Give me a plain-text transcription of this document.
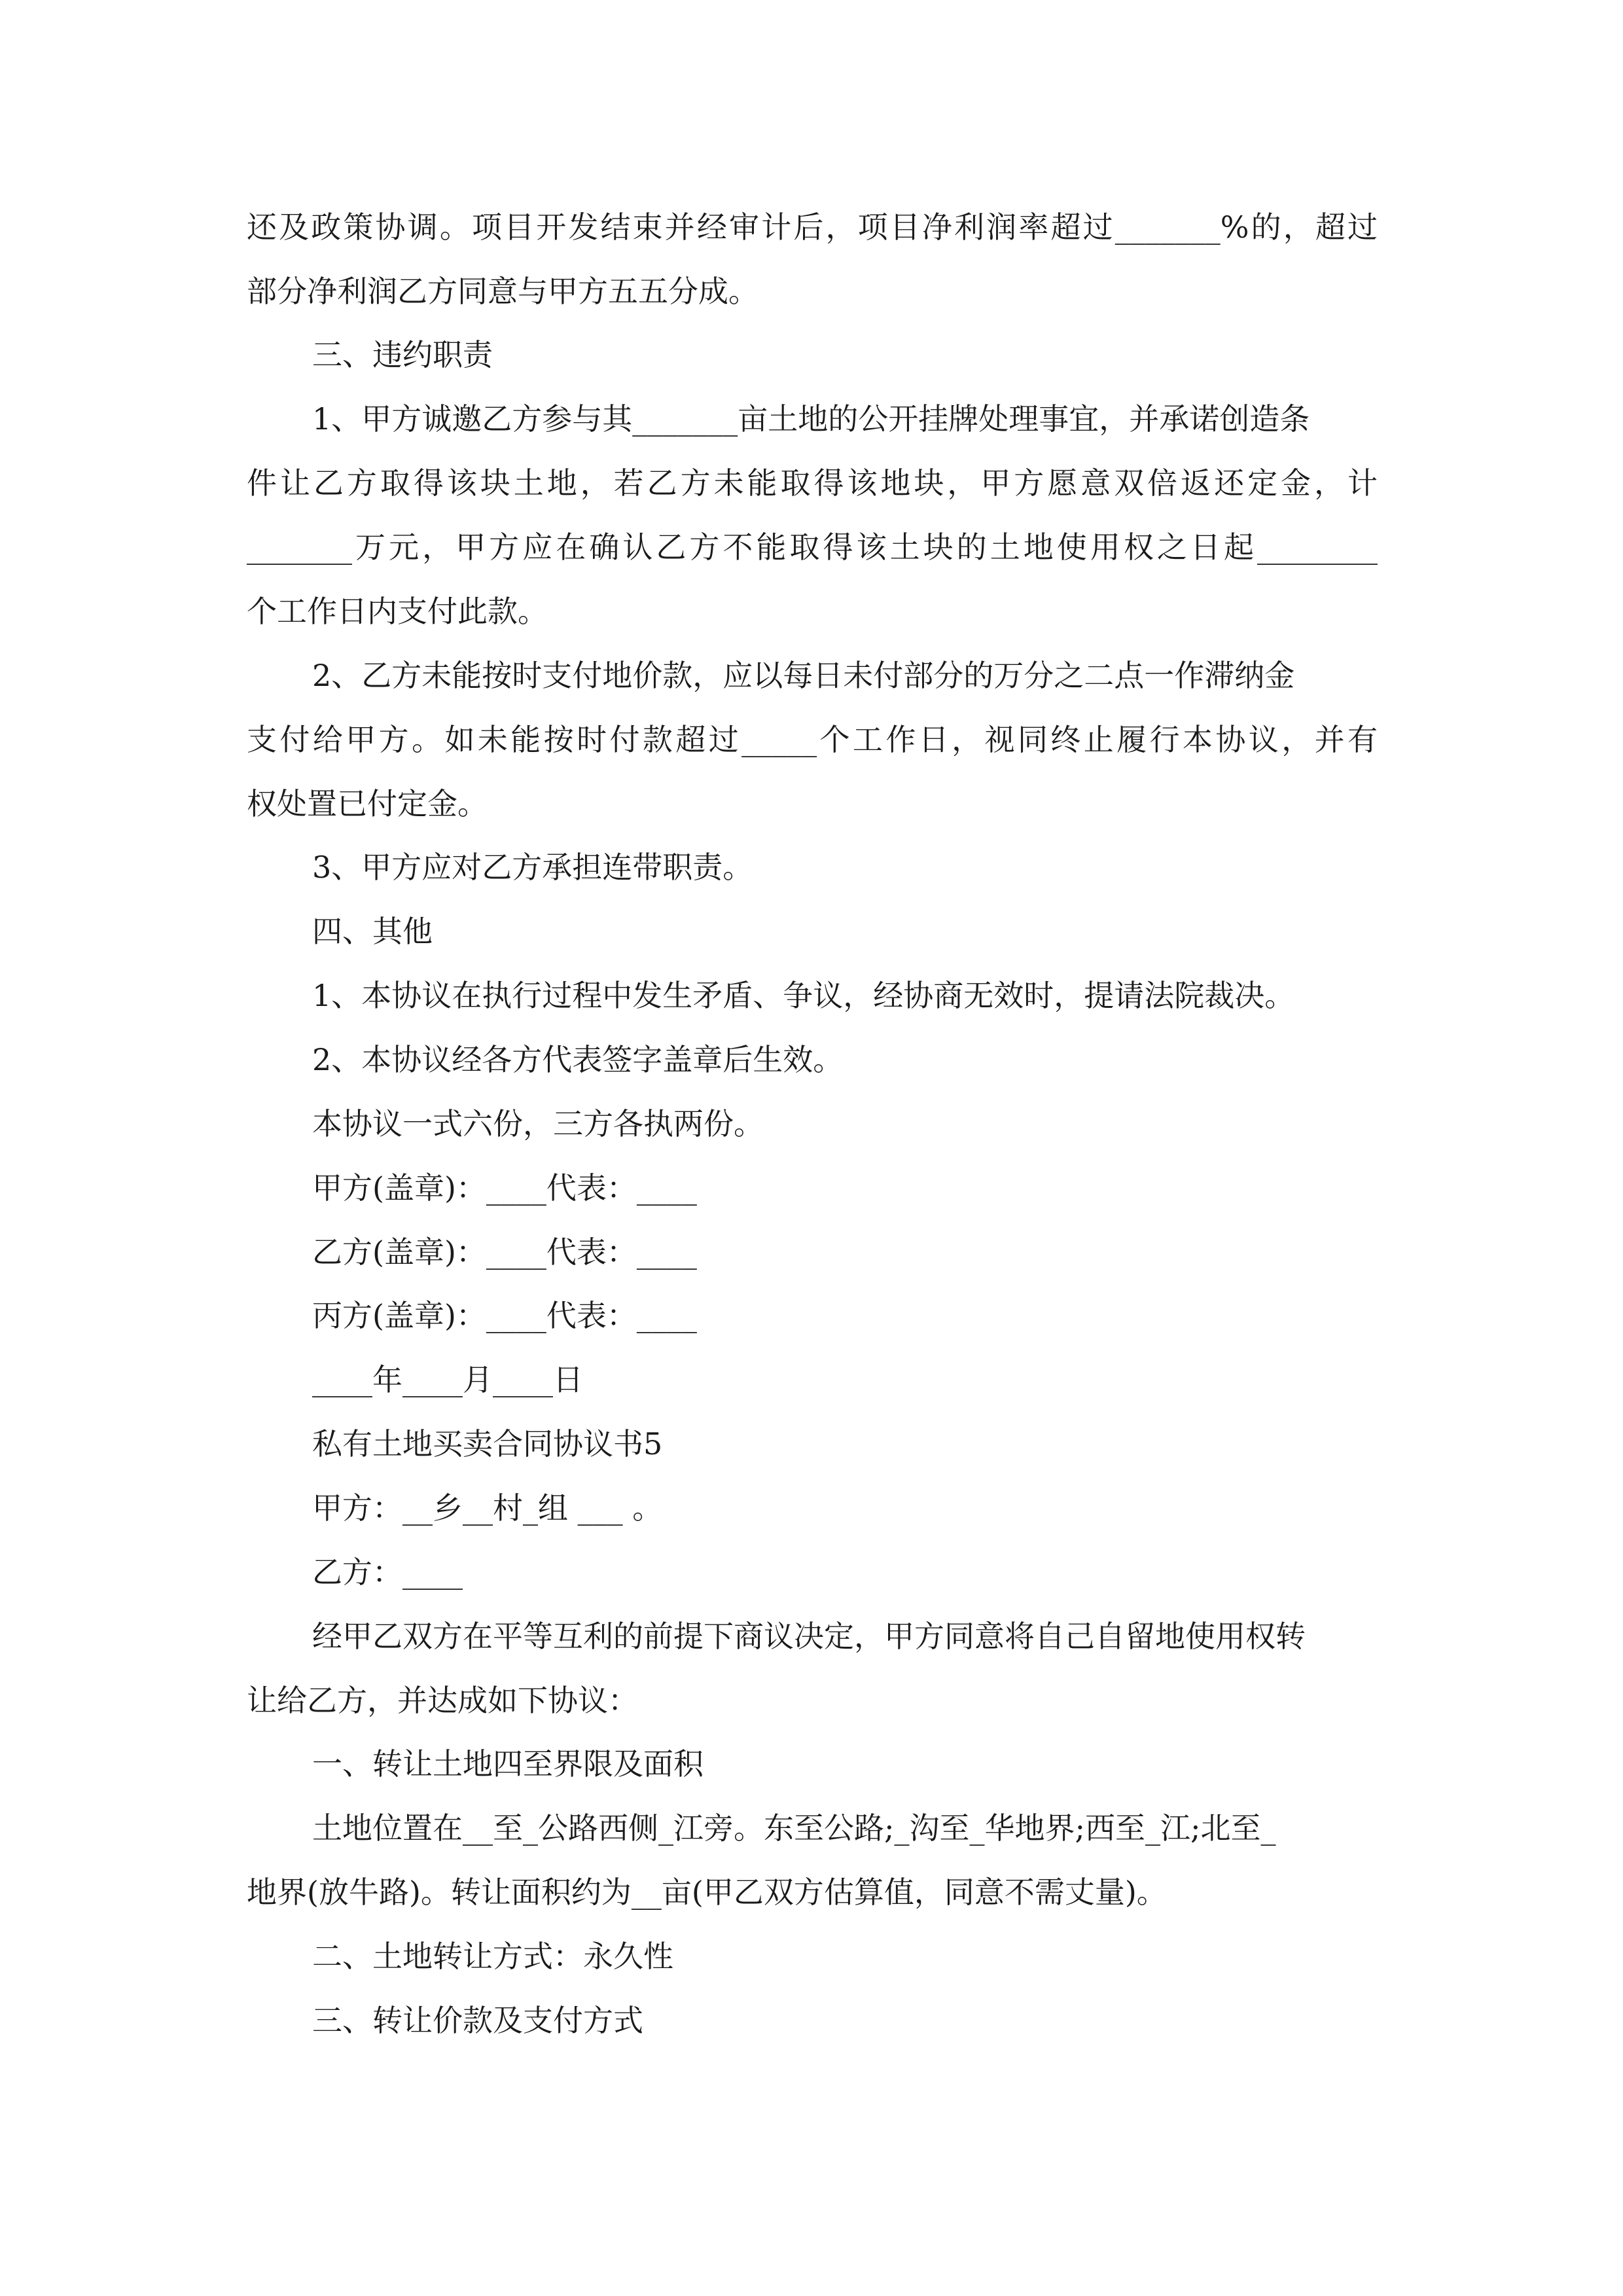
还及政策协调。项目开发结束并经审计后，项目净利润率超过_______%的，超过
部分净利润乙方同意与甲方五五分成。
三、违约职责
1、甲方诚邀乙方参与其_______亩土地的公开挂牌处理事宜，并承诺创造条
件让乙方取得该块土地，若乙方未能取得该地块，甲方愿意双倍返还定金，计
_______万元，甲方应在确认乙方不能取得该土块的土地使用权之日起________
个工作日内支付此款。
2、乙方未能按时支付地价款，应以每日未付部分的万分之二点一作滞纳金
支付给甲方。如未能按时付款超过_____个工作日，视同终止履行本协议，并有
权处置已付定金。
3、甲方应对乙方承担连带职责。
四、其他
1、本协议在执行过程中发生矛盾、争议，经协商无效时，提请法院裁决。
2、本协议经各方代表签字盖章后生效。
本协议一式六份，三方各执两份。
甲方(盖章)：____代表：____
乙方(盖章)：____代表：____
丙方(盖章)：____代表：____
____年____月____日
私有土地买卖合同协议书5
甲方：__乡__村_组 ___ 。
乙方：____
经甲乙双方在平等互利的前提下商议决定，甲方同意将自己自留地使用权转
让给乙方，并达成如下协议：
一、转让土地四至界限及面积
土地位置在__至_公路西侧_江旁。东至公路;_沟至_华地界;西至_江;北至_
地界(放牛路)。转让面积约为__亩(甲乙双方估算值，同意不需丈量)。
二、土地转让方式：永久性
三、转让价款及支付方式
